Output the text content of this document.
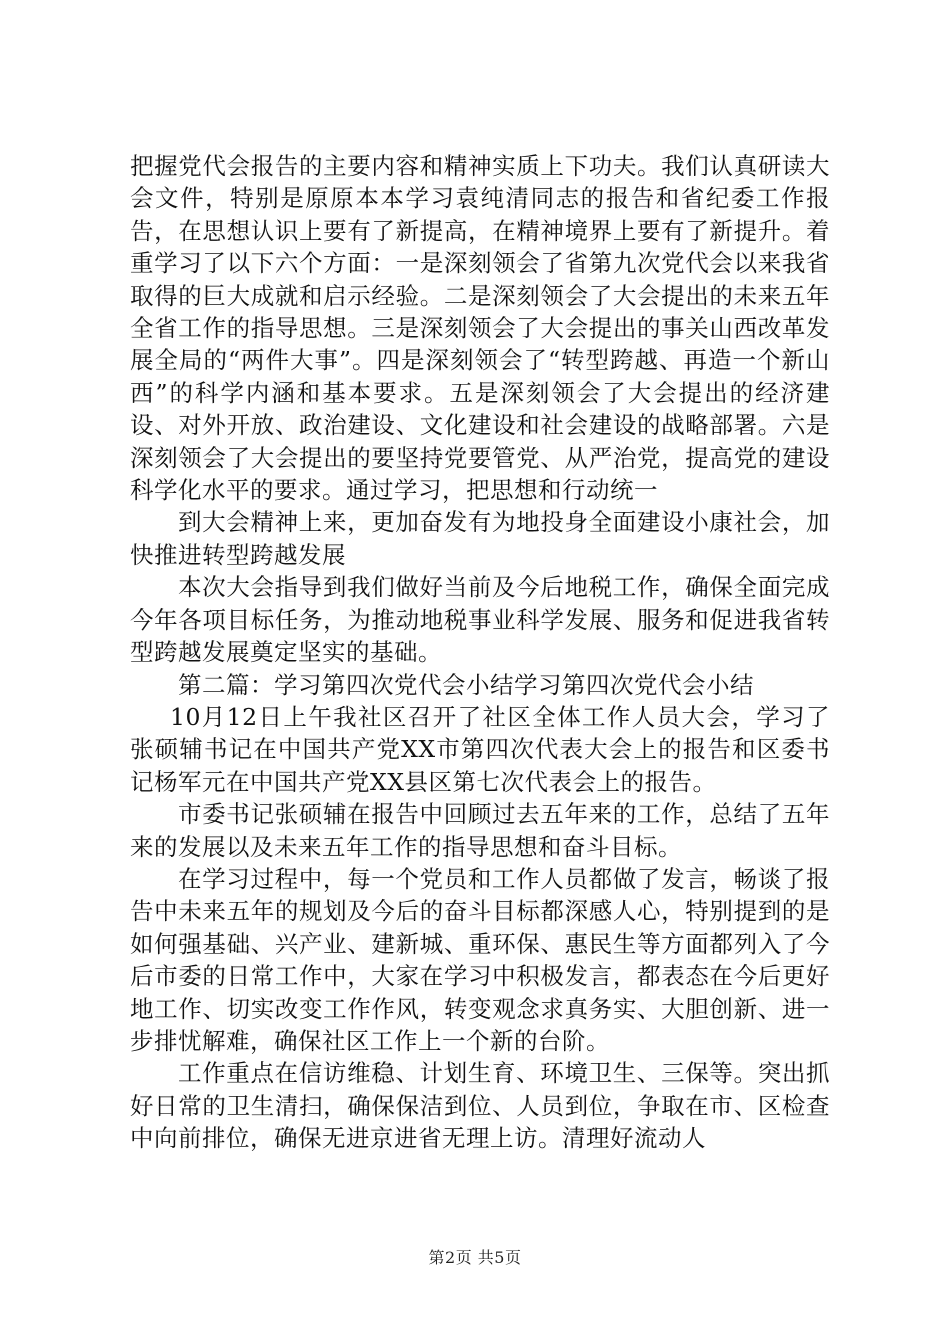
把握党代会报告的主要内容和精神实质上下功夫。我们认真研读大会文件，特别是原原本本学习袁纯清同志的报告和省纪委工作报告，在思想认识上要有了新提高，在精神境界上要有了新提升。着重学习了以下六个方面：一是深刻领会了省第九次党代会以来我省取得的巨大成就和启示经验。二是深刻领会了大会提出的未来五年全省工作的指导思想。三是深刻领会了大会提出的事关山西改革发展全局的“两件大事”。四是深刻领会了“转型跨越、再造一个新山西”的科学内涵和基本要求。五是深刻领会了大会提出的经济建设、对外开放、政治建设、文化建设和社会建设的战略部署。六是深刻领会了大会提出的要坚持党要管党、从严治党，提高党的建设科学化水平的要求。通过学习，把思想和行动统一

到大会精神上来，更加奋发有为地投身全面建设小康社会，加快推进转型跨越发展

本次大会指导到我们做好当前及今后地税工作，确保全面完成今年各项目标任务，为推动地税事业科学发展、服务和促进我省转型跨越发展奠定坚实的基础。

第二篇：学习第四次党代会小结学习第四次党代会小结

10月12日上午我社区召开了社区全体工作人员大会，学习了张硕辅书记在中国共产党XX市第四次代表大会上的报告和区委书记杨军元在中国共产党XX县区第七次代表会上的报告。

市委书记张硕辅在报告中回顾过去五年来的工作，总结了五年来的发展以及未来五年工作的指导思想和奋斗目标。

在学习过程中，每一个党员和工作人员都做了发言，畅谈了报告中未来五年的规划及今后的奋斗目标都深感人心，特别提到的是如何强基础、兴产业、建新城、重环保、惠民生等方面都列入了今后市委的日常工作中，大家在学习中积极发言，都表态在今后更好地工作、切实改变工作作风，转变观念求真务实、大胆创新、进一步排忧解难，确保社区工作上一个新的台阶。

工作重点在信访维稳、计划生育、环境卫生、三保等。突出抓好日常的卫生清扫，确保保洁到位、人员到位，争取在市、区检查中向前排位，确保无进京进省无理上访。清理好流动人

第2页 共5页
